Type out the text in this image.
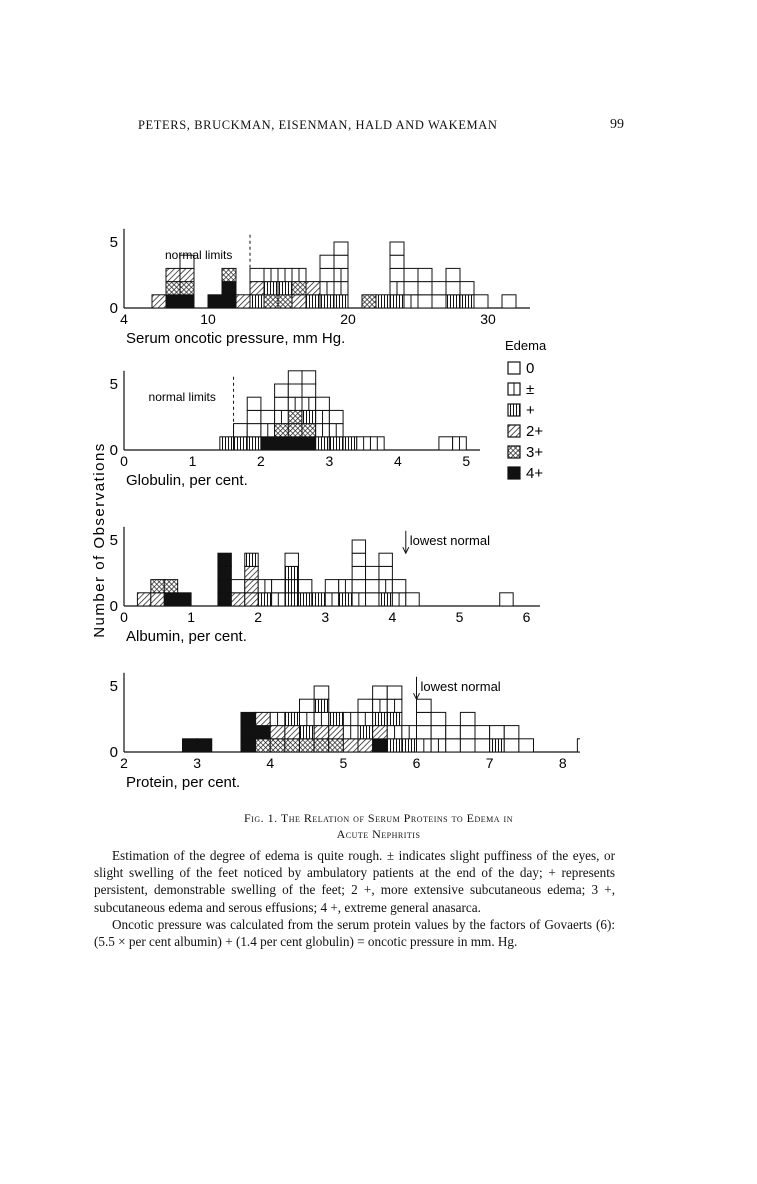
PETERS, BRUCKMAN, EISENMAN, HALD AND WAKEMAN	99
Number of Observations
0
5
4	10	20	30
Serum oncotic pressure, mm Hg.
normal limits
0
5
0	1	2	3	4	5
Globulin, per cent.
normal limits
0
5
0	1	2	3	4	5	6
Albumin, per cent.
lowest normal
0
5
2	3	4	5	6	7	8
Protein, per cent.
lowest normal
Edema
0
±
+
2+
3+
4+
Fig. 1. The Relation of Serum Proteins to Edema in
Acute Nephritis

Estimation of the degree of edema is quite rough. ± indicates slight puffiness of the eyes, or slight swelling of the feet noticed by ambulatory patients at the end of the day; + represents persistent, demonstrable swelling of the feet; 2 +, more extensive subcutaneous edema; 3 +, subcutaneous edema and serous effusions; 4 +, extreme general anasarca.

Oncotic pressure was calculated from the serum protein values by the factors of Govaerts (6): (5.5 × per cent albumin) + (1.4 per cent globulin) = oncotic pressure in mm. Hg.
